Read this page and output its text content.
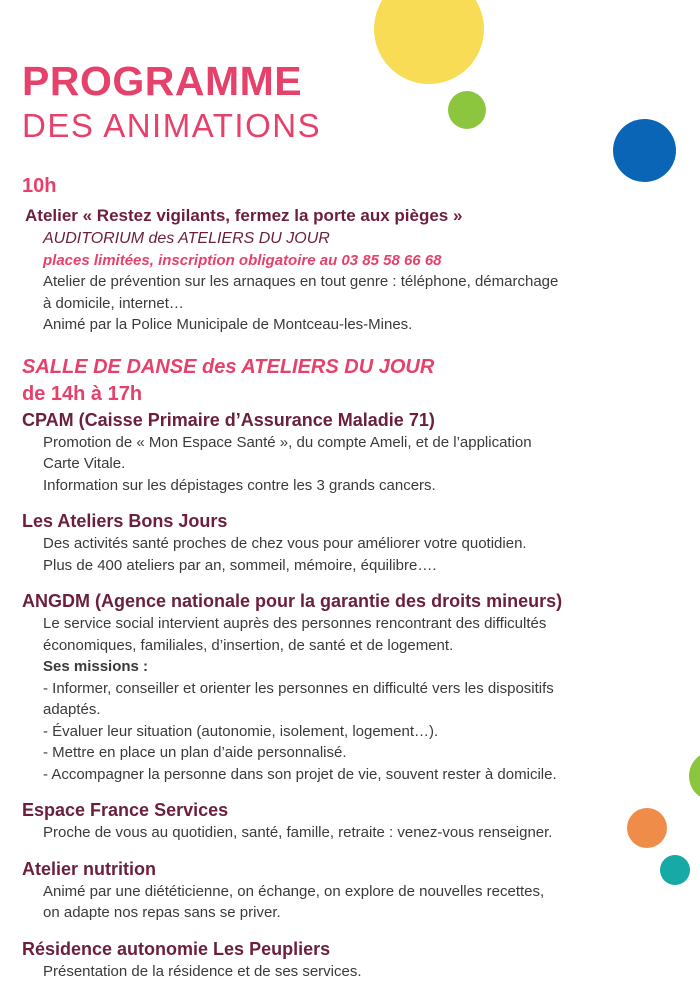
PROGRAMME
DES ANIMATIONS
10h
Atelier « Restez vigilants, fermez la porte aux pièges »
AUDITORIUM des ATELIERS DU JOUR
places limitées, inscription obligatoire au 03 85 58 66 68
Atelier de prévention sur les arnaques en tout genre : téléphone, démarchage
à domicile, internet…
Animé par la Police Municipale de Montceau-les-Mines.
SALLE DE DANSE des ATELIERS DU JOUR
de 14h à 17h
CPAM (Caisse Primaire d’Assurance Maladie 71)
Promotion de « Mon Espace Santé », du compte Ameli, et de l’application
Carte Vitale.
Information sur les dépistages contre les 3 grands cancers.
Les Ateliers Bons Jours
Des activités santé proches de chez vous pour améliorer votre quotidien.
Plus de 400 ateliers par an, sommeil, mémoire, équilibre….
ANGDM (Agence nationale pour la garantie des droits mineurs)
Le service social intervient auprès des personnes rencontrant des difficultés
économiques, familiales, d’insertion, de santé et de logement.
Ses missions :
- Informer, conseiller et orienter les personnes en difficulté vers les dispositifs
adaptés.
- Évaluer leur situation (autonomie, isolement, logement…).
- Mettre en place un plan d’aide personnalisé.
- Accompagner la personne dans son projet de vie, souvent rester à domicile.
Espace France Services
Proche de vous au quotidien, santé, famille, retraite : venez-vous renseigner.
Atelier nutrition
Animé par une diététicienne, on échange, on explore de nouvelles recettes,
on adapte nos repas sans se priver.
Résidence autonomie Les Peupliers
Présentation de la résidence et de ses services.
